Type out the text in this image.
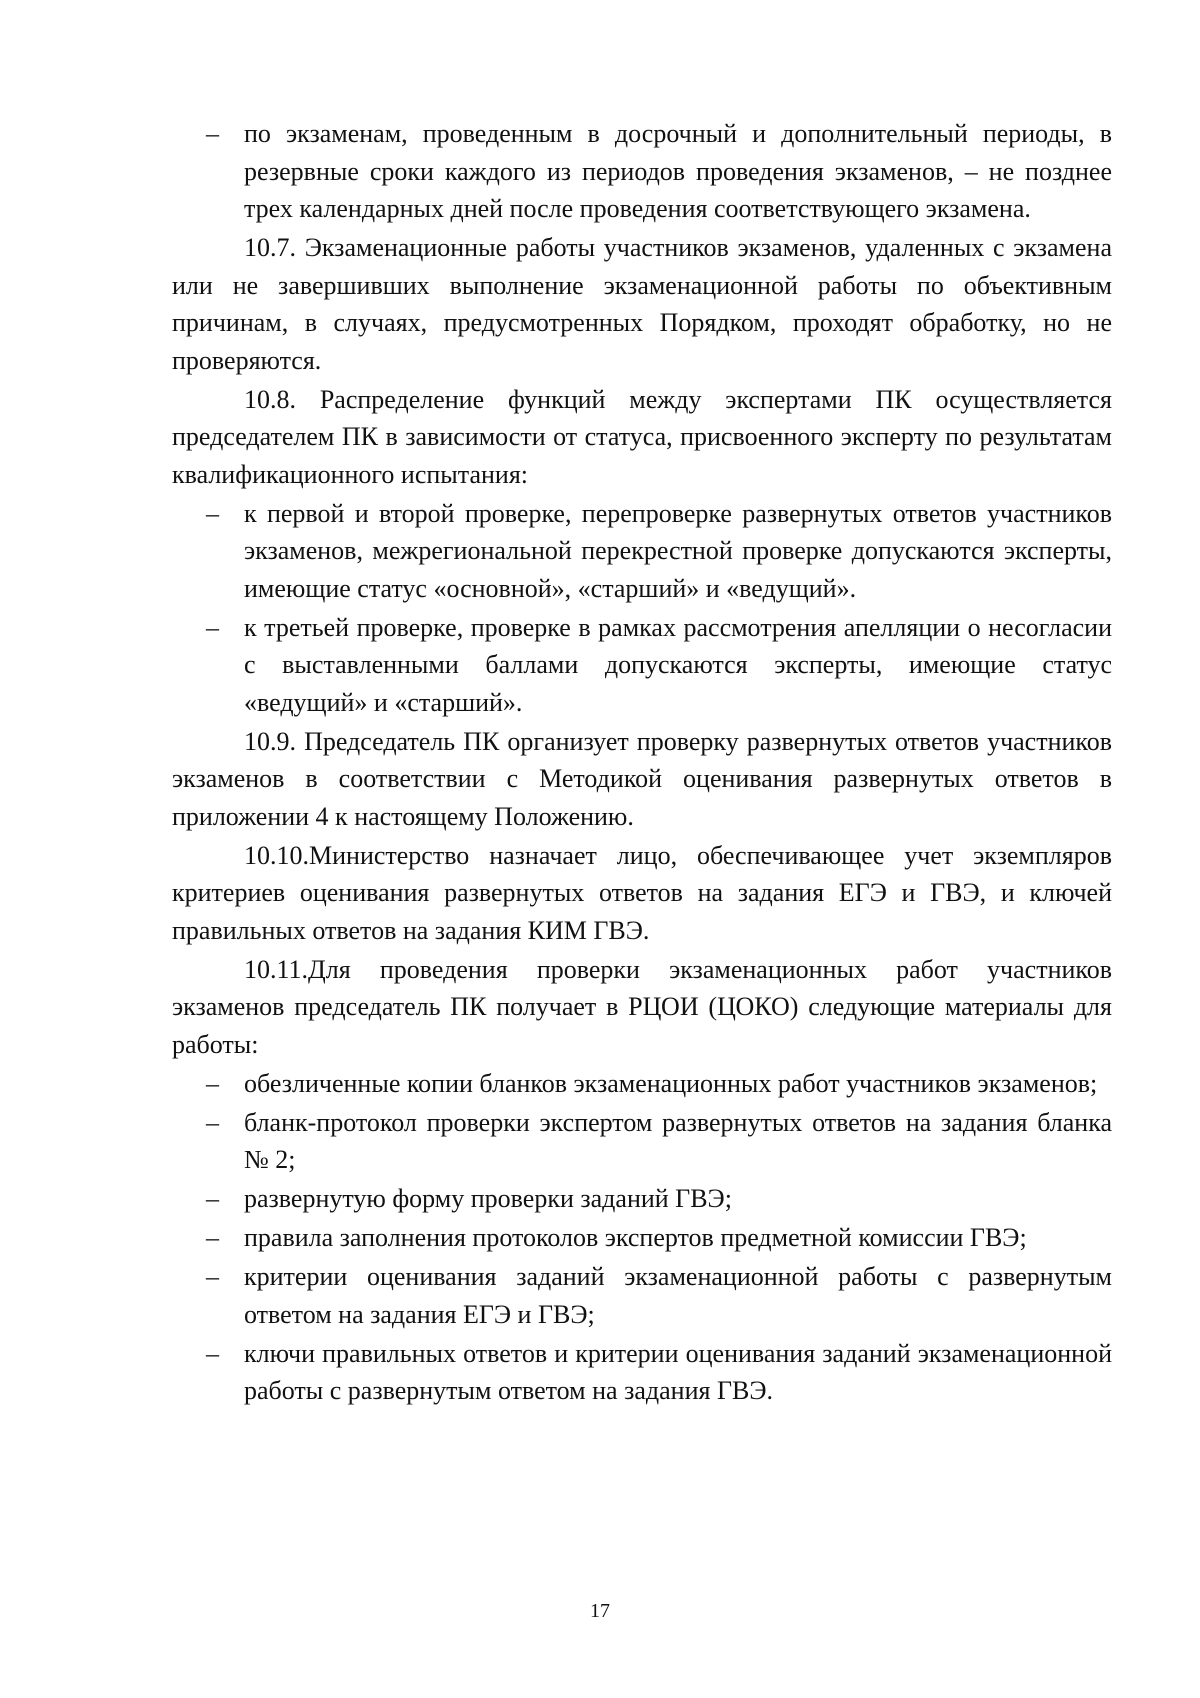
– по экзаменам, проведенным в досрочный и дополнительный периоды, в резервные сроки каждого из периодов проведения экзаменов, – не позднее трех календарных дней после проведения соответствующего экзамена.

10.7. Экзаменационные работы участников экзаменов, удаленных с экзамена или не завершивших выполнение экзаменационной работы по объективным причинам, в случаях, предусмотренных Порядком, проходят обработку, но не проверяются.

10.8. Распределение функций между экспертами ПК осуществляется председателем ПК в зависимости от статуса, присвоенного эксперту по результатам квалификационного испытания:

– к первой и второй проверке, перепроверке развернутых ответов участников экзаменов, межрегиональной перекрестной проверке допускаются эксперты, имеющие статус «основной», «старший» и «ведущий».
– к третьей проверке, проверке в рамках рассмотрения апелляции о несогласии с выставленными баллами допускаются эксперты, имеющие статус «ведущий» и «старший».

10.9. Председатель ПК организует проверку развернутых ответов участников экзаменов в соответствии с Методикой оценивания развернутых ответов в приложении 4 к настоящему Положению.

10.10.Министерство назначает лицо, обеспечивающее учет экземпляров критериев оценивания развернутых ответов на задания ЕГЭ и ГВЭ, и ключей правильных ответов на задания КИМ ГВЭ.

10.11.Для проведения проверки экзаменационных работ участников экзаменов председатель ПК получает в РЦОИ (ЦОКО) следующие материалы для работы:

– обезличенные копии бланков экзаменационных работ участников экзаменов;
– бланк-протокол проверки экспертом развернутых ответов на задания бланка № 2;
– развернутую форму проверки заданий ГВЭ;
– правила заполнения протоколов экспертов предметной комиссии ГВЭ;
– критерии оценивания заданий экзаменационной работы с развернутым ответом на задания ЕГЭ и ГВЭ;
– ключи правильных ответов и критерии оценивания заданий экзаменационной работы с развернутым ответом на задания ГВЭ.
17
